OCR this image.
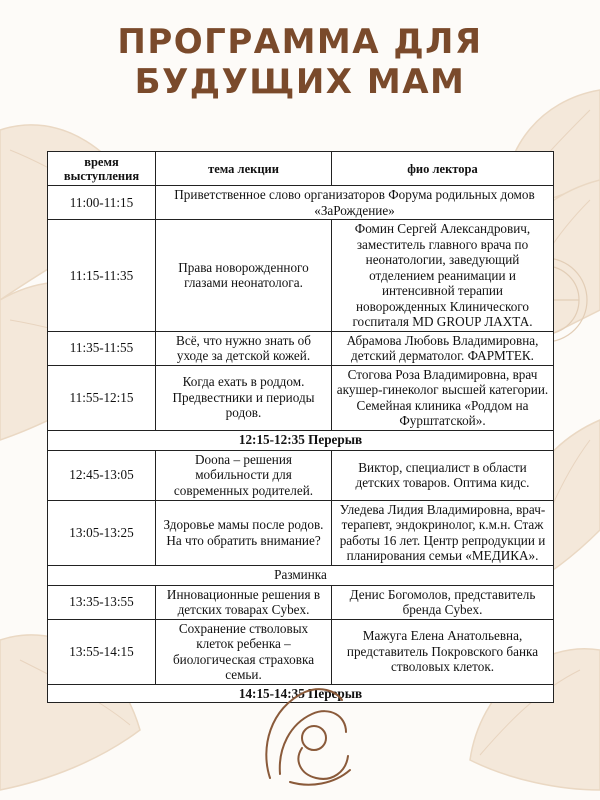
ПРОГРАММА ДЛЯ
БУДУЩИХ МАМ
время выступления	тема лекции	фио лектора
11:00-11:15	Приветственное слово организаторов Форума родильных домов «ЗаРождение»	
11:15-11:35	Права новорожденного глазами неонатолога.	Фомин Сергей Александрович, заместитель главного врача по неонатологии, заведующий отделением реанимации и интенсивной терапии новорожденных Клинического госпиталя MD GROUP ЛАХТА.
11:35-11:55	Всё, что нужно знать об уходе за детской кожей.	Абрамова Любовь Владимировна, детский дерматолог. ФАРМТЕК.
11:55-12:15	Когда ехать в роддом. Предвестники и периоды родов.	Стогова Роза Владимировна, врач акушер-гинеколог высшей категории. Семейная клиника «Роддом на Фурштатской».
12:15-12:35 Перерыв		
12:45-13:05	Doona – решения мобильности для современных родителей.	Виктор, специалист в области детских товаров. Оптима кидс.
13:05-13:25	Здоровье мамы после родов. На что обратить внимание?	Уледева Лидия Владимировна, врач-терапевт, эндокринолог, к.м.н. Стаж работы 16 лет. Центр репродукции и планирования семьи «МЕДИКА».
Разминка		
13:35-13:55	Инновационные решения в детских товарах Cybex.	Денис Богомолов, представитель бренда Cybex.
13:55-14:15	Сохранение стволовых клеток ребенка – биологическая страховка семьи.	Мажуга Елена Анатольевна, представитель Покровского банка стволовых клеток.
14:15-14:35 Перерыв		
